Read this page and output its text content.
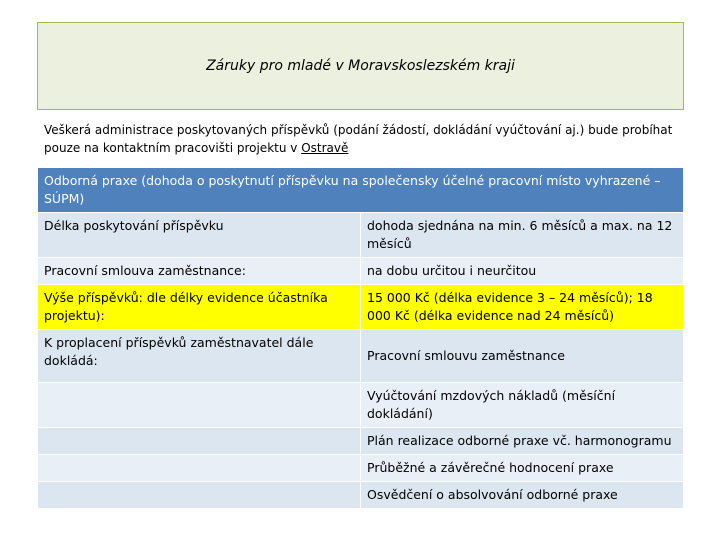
Záruky pro mladé v Moravskoslezském kraji
Veškerá administrace poskytovaných příspěvků (podání žádostí, dokládání vyúčtování aj.) bude probíhat pouze na kontaktním pracovišti projektu v Ostravě
Odborná praxe (dohoda o poskytnutí příspěvku na společensky účelné pracovní místo vyhrazené – SÚPM)	
Délka poskytování příspěvku	dohoda sjednána na min. 6 měsíců a max. na 12 měsíců
Pracovní smlouva zaměstnance:	na dobu určitou i neurčitou
Výše příspěvků: dle délky evidence účastníka projektu):	15 000 Kč (délka evidence 3 – 24 měsíců); 18 000 Kč (délka evidence nad 24 měsíců)
K proplacení příspěvků zaměstnavatel dále dokládá:	Pracovní smlouvu zaměstnance
	Vyúčtování mzdových nákladů (měsíční dokládání)
	Plán realizace odborné praxe vč. harmonogramu
	Průběžné a závěrečné hodnocení praxe
	Osvědčení o absolvování odborné praxe
